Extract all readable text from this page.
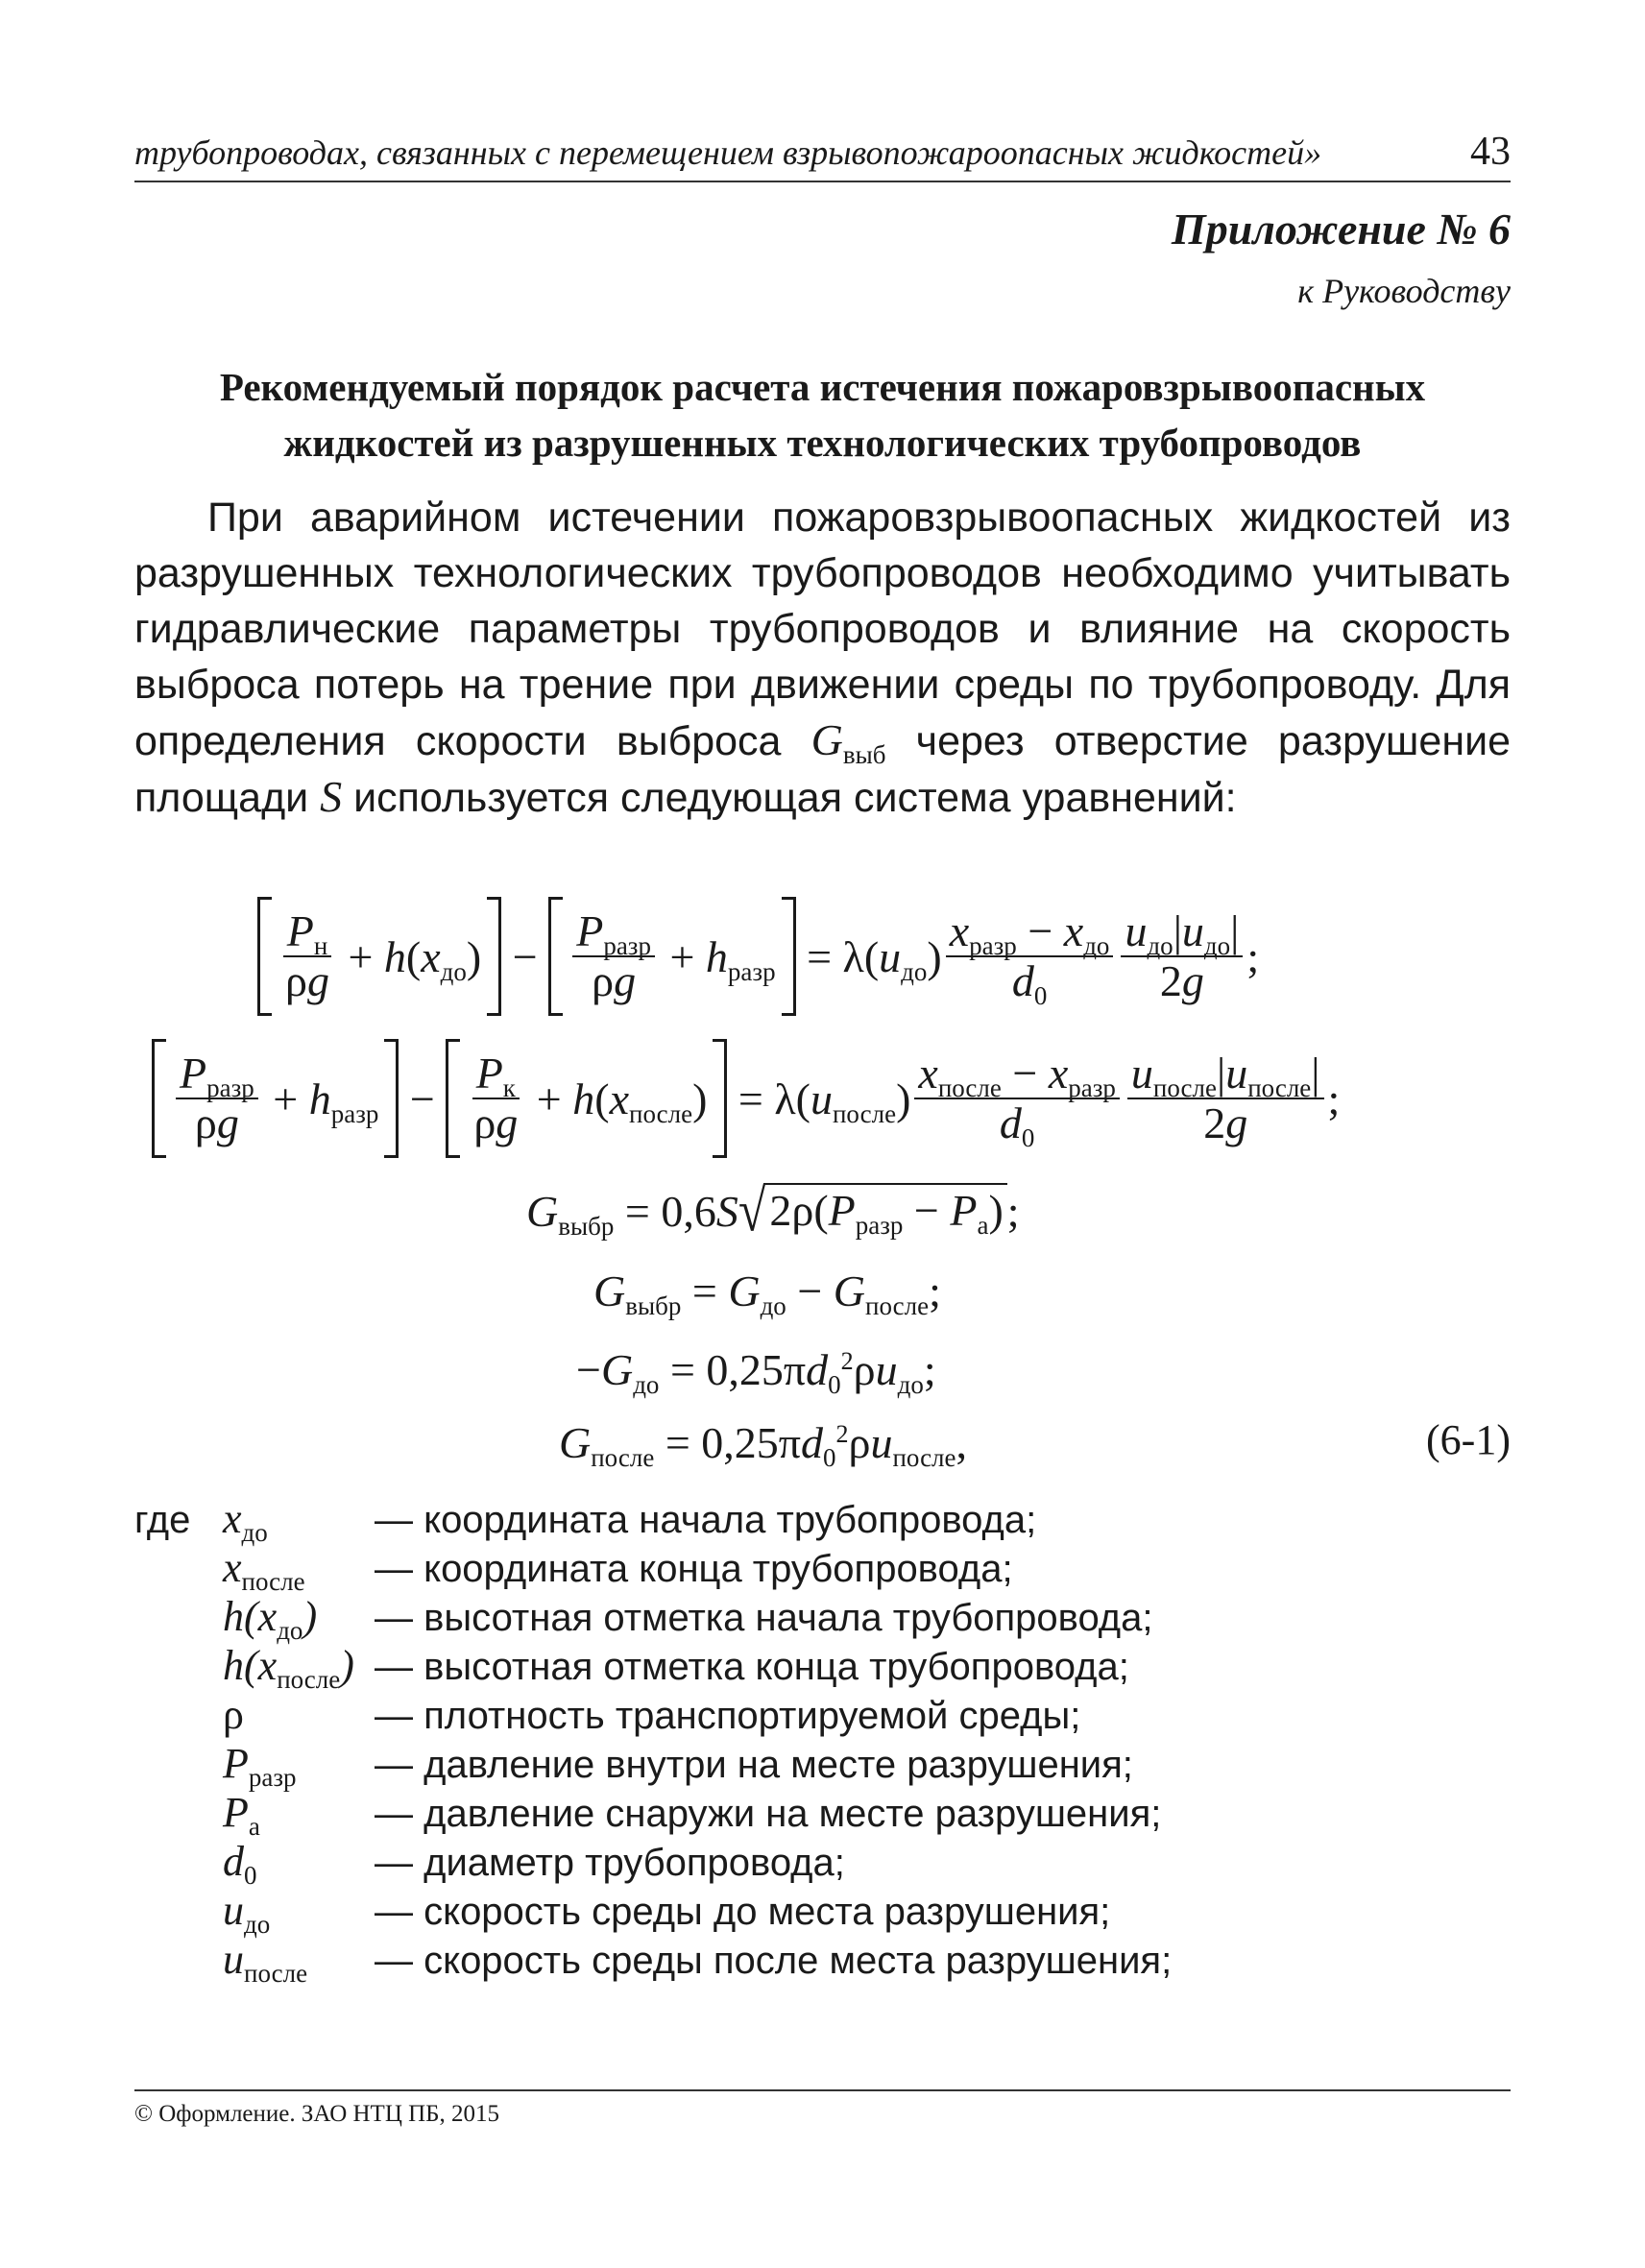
трубопроводах, связанных с перемещением взрывопожароопасных жидкостей»	43
Приложение № 6
к Руководству
Рекомендуемый порядок расчета истечения пожаровзрывоопасных
жидкостей из разрушенных технологических трубопроводов

При аварийном истечении пожаровзрывоопасных жидкостей из разрушенных технологических трубопроводов необходимо учитывать гидравлические параметры трубопроводов и влияние на скорость выброса потерь на трение при движении среды по трубопроводу. Для определения скорости выброса $G_{выб}$ через отверстие разрушение площади S используется следующая система уравнений:

$\frac{P_н}{\rho g} + h(x_{до}) - \frac{P_{разр}}{\rho g} + h_{разр} = \lambda(u_{до}) \frac{x_{разр} - x_{до}}{d_0} \frac{u_{до}|u_{до}|}{2g}$ ;
$\frac{P_{разр}}{\rho g} + h_{разр} - \frac{P_к}{\rho g} + h(x_{после}) = \lambda(u_{после}) \frac{x_{после} - x_{разр}}{d_0} \frac{u_{после}|u_{после}|}{2g}$ ;
$G_{выбр} = 0,6S$ √ $2\rho(P_{разр} - P_а)$ ;
$G_{выбр} = G_{до} - G_{после}$;
$-G_{до} = 0,25\pi d_0^2\rho u_{до}$;
$G_{после} = 0,25\pi d_0^2\rho u_{после}$,	(6-1)
где $x_{до}$	— координата начала трубопровода;
$x_{после}$	— координата конца трубопровода;
$h(x_{до})$	— высотная отметка начала трубопровода;
$h(x_{после})$ — высотная отметка конца трубопровода;
ρ	— плотность транспортируемой среды;
$P_{разр}$	— давление внутри на месте разрушения;
$P_а$	— давление снаружи на месте разрушения;
$d_0$	— диаметр трубопровода;
$u_{до}$	— скорость среды до места разрушения;
$u_{после}$	— скорость среды после места разрушения;
© Оформление. ЗАО НТЦ ПБ, 2015
